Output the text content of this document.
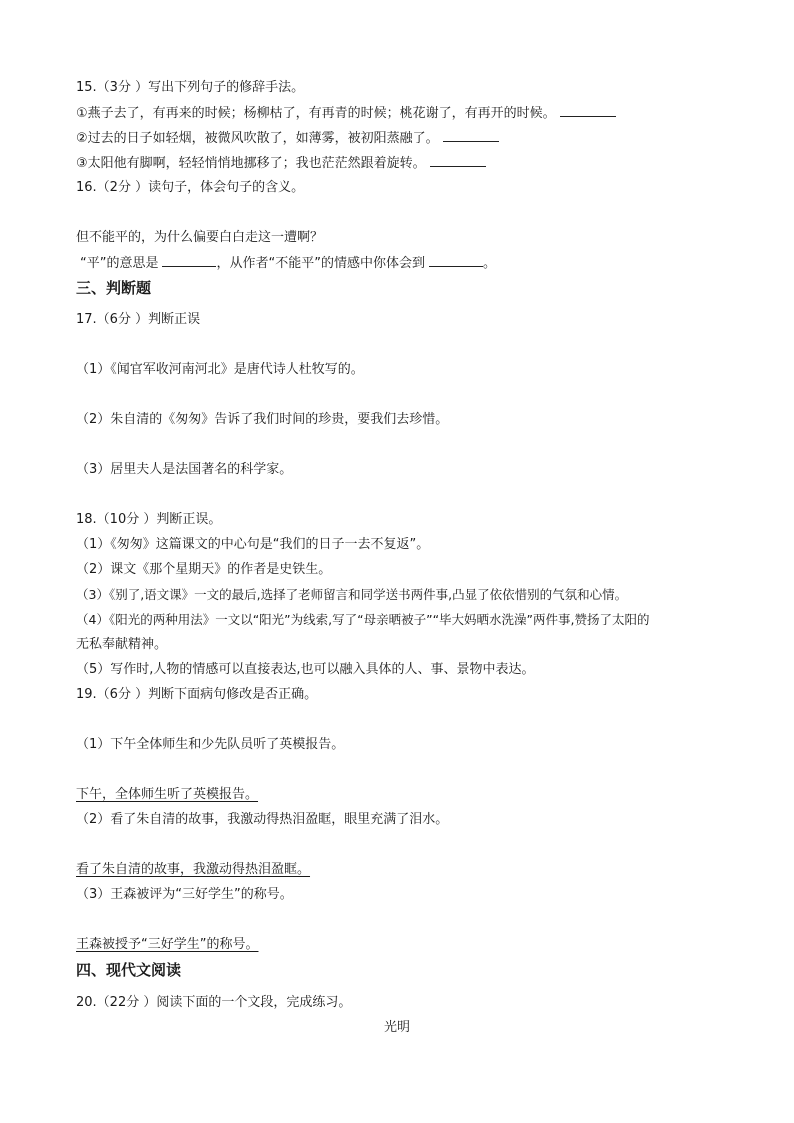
15.（3分 ）写出下列句子的修辞手法。
①燕子去了，有再来的时候；杨柳枯了，有再青的时候；桃花谢了，有再开的时候。
②过去的日子如轻烟，被微风吹散了，如薄雾，被初阳蒸融了。
③太阳他有脚啊，轻轻悄悄地挪移了；我也茫茫然跟着旋转。
16.（2分 ）读句子，体会句子的含义。
但不能平的，为什么偏要白白走这一遭啊？
“平”的意思是	，从作者“不能平”的情感中你体会到	。
三、判断题
17.（6分 ）判断正误
（1）《闻官军收河南河北》是唐代诗人杜牧写的。
（2）朱自清的《匆匆》告诉了我们时间的珍贵，要我们去珍惜。
（3）居里夫人是法国著名的科学家。
18.（10分 ）判断正误。
（1）《匆匆》这篇课文的中心句是“我们的日子一去不复返”。
（2）课文《那个星期天》的作者是史铁生。
（3）《别了,语文课》一文的最后,选择了老师留言和同学送书两件事,凸显了依依惜别的气氛和心情。
（4）《阳光的两种用法》一文以“阳光”为线索,写了“母亲晒被子”“毕大妈晒水洗澡”两件事,赞扬了太阳的
无私奉献精神。
（5）写作时,人物的情感可以直接表达,也可以融入具体的人、事、景物中表达。
19.（6分 ）判断下面病句修改是否正确。
（1）下午全体师生和少先队员听了英模报告。
下午，全体师生听了英模报告。
（2）看了朱自清的故事，我激动得热泪盈眶，眼里充满了泪水。
看了朱自清的故事，我激动得热泪盈眶。
（3）王森被评为“三好学生”的称号。
王森被授予“三好学生”的称号。
四、现代文阅读
20.（22分 ）阅读下面的一个文段，完成练习。
光明
